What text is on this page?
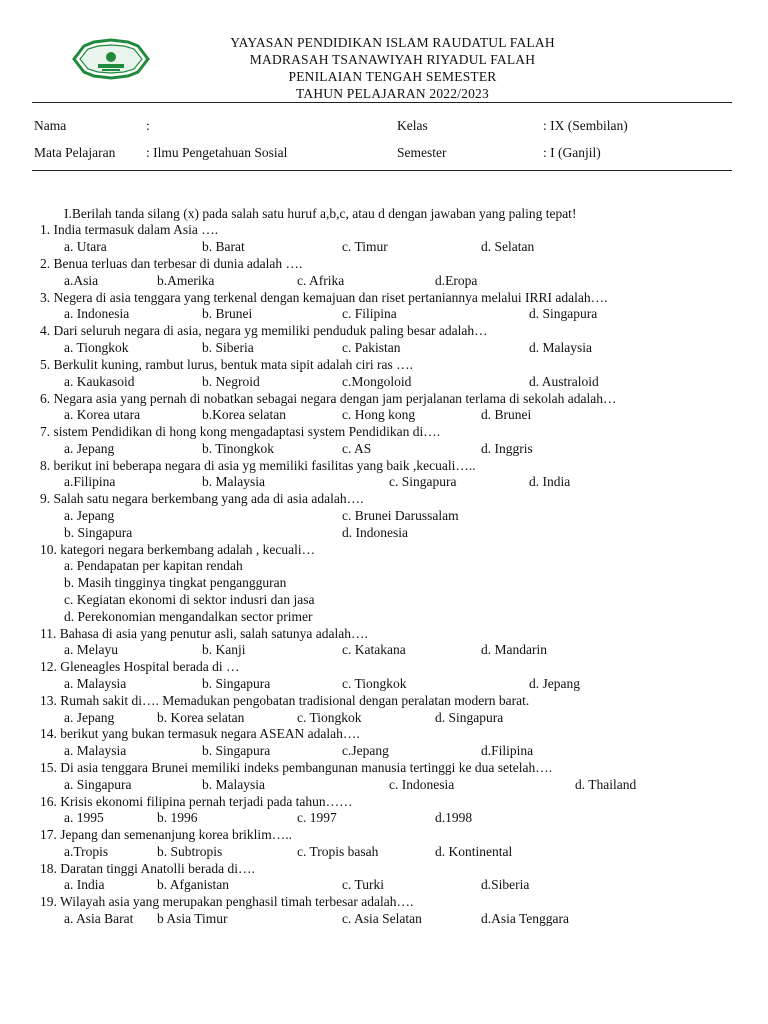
YAYASAN PENDIDIKAN ISLAM RAUDATUL FALAH
MADRASAH TSANAWIYAH RIYADUL FALAH
PENILAIAN TENGAH SEMESTER
TAHUN PELAJARAN 2022/2023
Nama	:	Kelas	: IX (Sembilan)
Mata Pelajaran : Ilmu Pengetahuan Sosial	Semester	: I (Ganjil)
I.Berilah tanda silang (x) pada salah satu huruf a,b,c, atau d dengan jawaban yang paling tepat!
1. India termasuk dalam Asia ….
a. Utara	b. Barat	c. Timur	d. Selatan
2. Benua terluas dan terbesar di dunia adalah ….
a.Asia	b.Amerika	c. Afrika	d.Eropa
3. Negera di asia tenggara yang terkenal dengan kemajuan dan riset pertaniannya melalui IRRI adalah….
a. Indonesia	b. Brunei	c. Filipina	d. Singapura
4. Dari seluruh negara di asia, negara yg memiliki penduduk paling besar adalah…
a. Tiongkok	b. Siberia	c. Pakistan	d. Malaysia
5. Berkulit kuning, rambut lurus, bentuk mata sipit adalah ciri ras ….
a. Kaukasoid	b. Negroid	c.Mongoloid	d. Australoid
6. Negara asia yang pernah di nobatkan sebagai negara dengan jam perjalanan terlama di sekolah adalah…
a. Korea utara	b.Korea selatan	c. Hong kong	d. Brunei
7. sistem Pendidikan di hong kong mengadaptasi system Pendidikan di….
a. Jepang	b. Tinongkok	c. AS	d. Inggris
8. berikut ini beberapa negara di asia yg memiliki fasilitas yang baik ,kecuali…..
a.Filipina	b. Malaysia	c. Singapura	d. India
9. Salah satu negara berkembang yang ada di asia adalah….
a. Jepang	c. Brunei Darussalam
b. Singapura	d. Indonesia
10. kategori negara berkembang adalah , kecuali…
a. Pendapatan per kapitan rendah
b. Masih tingginya tingkat pengangguran
c. Kegiatan ekonomi di sektor indusri dan jasa
d. Perekonomian mengandalkan sector primer
11. Bahasa di asia yang penutur asli, salah satunya adalah….
a. Melayu	b. Kanji	c. Katakana	d. Mandarin
12. Gleneagles Hospital berada di …
a. Malaysia	b. Singapura	c. Tiongkok	d. Jepang
13. Rumah sakit di…. Memadukan pengobatan tradisional dengan peralatan modern barat.
a. Jepang	b. Korea selatan	c. Tiongkok	d. Singapura
14. berikut yang bukan termasuk negara ASEAN adalah….
a. Malaysia	b. Singapura	c.Jepang	d.Filipina
15. Di asia tenggara Brunei memiliki indeks pembangunan manusia tertinggi ke dua setelah….
a. Singapura	b. Malaysia	c. Indonesia	d. Thailand
16. Krisis ekonomi filipina pernah terjadi pada tahun……
a. 1995	b. 1996	c. 1997	d.1998
17. Jepang dan semenanjung korea briklim…..
a.Tropis	b. Subtropis	c. Tropis basah	d. Kontinental
18. Daratan tinggi Anatolli berada di….
a. India	b. Afganistan	c. Turki	d.Siberia
19. Wilayah asia yang merupakan penghasil timah terbesar adalah….
a. Asia Barat b Asia Timur	c. Asia Selatan	d.Asia Tenggara
